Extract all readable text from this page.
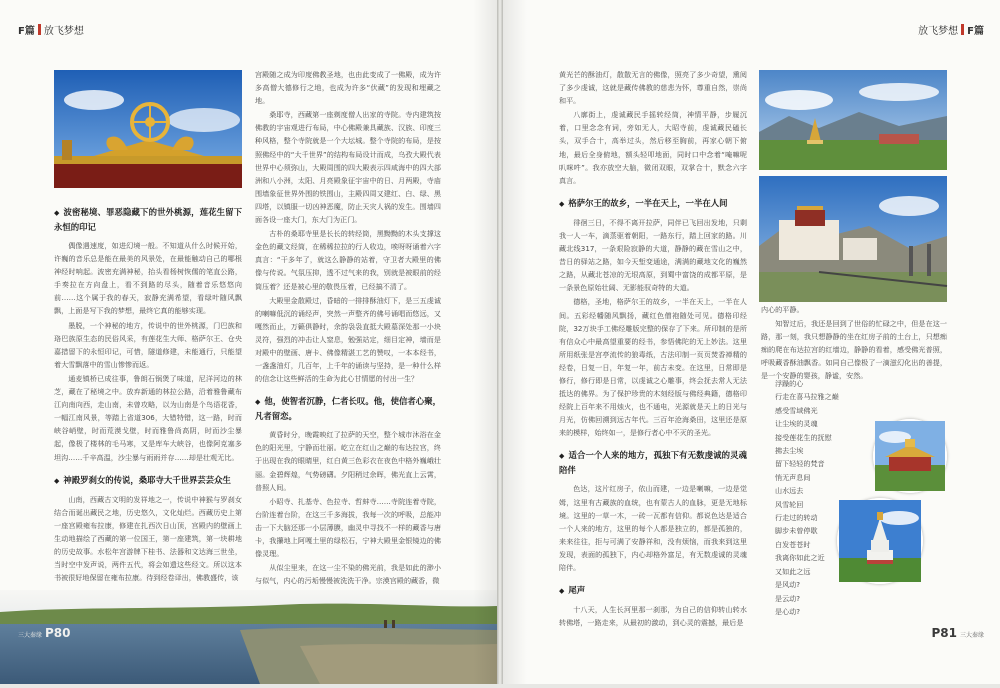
F篇 放飞梦想
◆ 波密秘境、罪恶隐藏下的世外桃源，莲花生留下永恒的印记

偶像遇速度，如进幻境一般。不知道从什么时候开始，许巍的音乐总是能在最美的风景处，在最能触动自己的哪根神经时响起。波密充满神秘，抬头看杨树恢儒的笔直公路，手奏拉在方向盘上，看不到路的尽头，随着音乐悠悠向前……这个属于我的春天，寂静充满希望，看绿叶随风飘飘，上面是写下我的梦想，最终它真的能够实现。

墨脱，一个神秘的地方，传说中的世外桃源，门巴族和珞巴族原生态的民俗风采，有莲花生大师、格萨尔王、仓央嘉措留下的永恒印记，可惜，隧道修建，未能通行，只能望着大雪飘落中的雪山惨惨而返。

通麦镇桥已成往事，鲁朗石锅煲了味道，尼洋河边的林芝，藏在了秘境之中。放弃新通的林拉公路，沿着雅鲁藏布江向南向西，走山南，未曾攻略，以为山南是个鸟语花香，一幅江南风景，等踏上省道306，大错特错，这一路，时而峡谷峭壁，时而荒漠戈壁，时而雅鲁尚高阴，时而沙尘暴起，像极了楼林的毛马寒，又是库车大峡谷，也像阿克塞多坦沟……千辛高温，沙尘暴与雨雨并存……却是壮观无比。

◆ 神殿罗刹女的传说，桑耶寺大千世界芸芸众生

山南，西藏古文明的发祥地之一，传说中神猴与罗刹女结合而诞出藏民之地，历史悠久，文化灿烂。西藏历史上第一座宫殿雍布拉康，修建在扎西次日山顶，宫殿内的壁画上生动地描绘了西藏的第一位国王，第一座建筑，第一块耕地的历史故事。水松年宫游牌下桂书、法器和文达海三世坐，当时空中发声说，两件五代，将会如遗这些经文。所以这本书被很好地保留在雍布拉康。待到经卷译出，佛教盛传，该

宫殿随之成为印度佛教圣地，也由此变成了一佛殿，成为许多高僧大德修行之地，也成为许多“伏藏”的发现和埋藏之地。

桑耶寺，西藏第一座剃度僧人出家的寺院。寺内建筑按佛教的宇宙观进行布局，中心佛殿兼具藏族、汉族、印度三种风格，整个寺院就是一个大坛城。整个寺院的布局，是按照佛经中的“大千世界”的结构布局设计而成，乌孜大殿代表世界中心须弥山，大殿周围的四大殿表示四咸海中的四大部洲和八小洲，太阳、月亮殿象征宇宙中的日、月两殿，寺庙围墙象征世界外围的铁围山，主殿四周又建红、白、绿、黑四塔，以镇服一切凶神恶魔，防止天灾人祸的发生。围墙四面各设一座大门，东大门为正门。

古朴的桑耶寺里是长长的转经筒，黑黝黝的木头支撑这金色的藏文经筒，在稀稀拉拉的行人收边，唉呀呀诵着六字真言：“干多年了，就这么静静的站着，守卫者大殿里的佛像与传说。气氛压抑，透不过气来的我，别就是被眼前的经筒压着？还是被心里的敬畏压着，已经搞不清了。

大殿里金散殿过，昏暗的一排排酥油灯下，是三五虔诚的喇嘛低沉的诵经声，突然一声整齐的佛号诵唱而悠远，又嘎然而止，万籁俱静时，余韵袅袅直抵大殿墓深处那一小块灵符，强烈的冲击让人窒息，勉强站定，细目定神，墙而是对殿中的壁画、唐卡、佛像精湛工艺的赞叹，一本本经书，一盏盏油灯，几百年，上千年的诵读与坚持，是一种什么样的信念让这些鲜活的生命为此心甘情愿的付出一生？

◆ 他，使智者沉静，仁者长叹。他，使信者心聚，凡者留恋。

黄昏时分，晚霞映红了拉萨的天空，整个城市沐浴在金色的阳光里，宁静而壮丽。屹立在红山之巅的布达拉宫，终于出现在我的眼睛里，红白黄三色彩衣在夜色中格外巍峨壮丽。金碧辉煌，气势磅礴。夕阳稍过余晖，佛光直上云霄，普照人间。

小昭寺、扎基寺、色拉寺、哲蚌寺……寺院连着寺院，台阶连着台阶，在这三千多海拔，我每一次的呼吸，总能冲击一下大脑还那一小层薄膜，幽灵中寻找不一样的藏香与唐卡，我攥地上阿嘎土里的绿松石，宁神大殿里金银镜边的佛像灵理。

从似尘里来，在这一尘不染的佛光前，我是如此的渺小与似气，内心的污垢慢慢被洗洗干净。宗漠宫殿的藏香，微

三大秦缘 P80
放飞梦想 F篇

黄光芒的酥油灯，散散无言的佛像，照亮了多少奇望，熏阅了多少虔诚，这就是藏传佛教的慈悲为怀，尊重自然，崇尚和平。

八廓街上，虔诚藏民手摇转经筒，神情平静，步履沉着，口里念念有词，旁如无人，大昭寺前，虔诚藏民磕长头，双手合十，高举过头，然后移至胸前，再家心朝下俯地，最后全身俯地，额头轻叩地面，同时口中念着“唵嘛呢叭咪吽”。我亦放空大脑，微闭双眼，双掌合十，默念六字真言。

◆ 格萨尔王的故乡，一半在天上，一半在人间

徘徊三日，不得不离开拉萨，同伴已飞回出发地，只剩我一人一车，滴蒸驱着朝阳，一路东行，踏上回家的路。川藏北线317，一条艰险寂静的大道，静静的藏在雪山之中，昔日的驿站之路，如今天堑变通途，满满的藏地文化的巍然之路，从藏北苍凉的无垠高原，到蜀中富饶的成都平原，是一条景色原始壮阔、无影能驭奇特的大道。

德格，圣地，格萨尔王的故乡，一半在天上，一半在人间。五彩经幡随风飘扬，藏红色僧袍随处可见。德格印经院，32万块手工佛经雕版完整的保存了下来。所印制的是所有信众心中最高望重要的经书，参悟佛陀的无上妙法。这里所用纸张是宫亭流传的狼毒纸，古法印制一页页焚香禅精的经卷，日复一日，年复一年，前古未变。在这里，日常即是修行，修行即是日常，以虔诚之心雕事，终会抚去常人无法抵达的佛界。为了保护珍贵的木刻经版与佛经典籍，德格印经院上百年来不用烛火，也不通电，光源就是天上的日光与月光，仿佛回溯到远古年代。三百年沧海桑田，这里还是原来的模样，始终如一，是修行者心中不灭的圣光。

◆ 适合一个人来的地方，孤独下有无数虔诚的灵魂陪伴

色达，这片红房子，依山而建，一边是喇嘛，一边是觉姆，这里有古藏族的血统，也有蒙古人的血脉，更是无地标境。这里的一草一木，一砖一瓦都有信仰。都说色达是适合一个人来的地方，这里的每个人都是独立的，都是孤独的，来来往往，拒与可满了安静祥和，没有烦恼，而我来到这里发现，表面的孤独下，内心却格外富足，有无数虔诚的灵魂陪伴。

◆ 尾声

十八天，人生长河里那一刹那，为自己的信仰转山转水转佛塔，一路走来，从最初的激动，到心灵的震撼，最后是

内心的平静。

知智过后，我还是回到了世俗的忙碌之中，但是在这一路，那一刻，我只想静静的坐在红房子前的土台上，只想痴痴的爬在布达拉宫的红墙边，静静的看着，感受佛光普照，呼吸藏香酥油飘香。如同自己像极了一滴滋幻化出的善提，是一个安静的婴孩，静谧，安然。

浮躁的心
行走在喜马拉雅之巅
感受雪域佛光
让尘埃的灵魂
接受莲花生的抚慰
拂去尘埃
留下轻轻的梵音
悄无声息间
山水远去
风雪轮回
行走过的转动
脚步未曾停歇
白发苍苍时
我离你如此之近
又如此之远
是风动?
是云动?
是心动?
P81 三大秦缘
